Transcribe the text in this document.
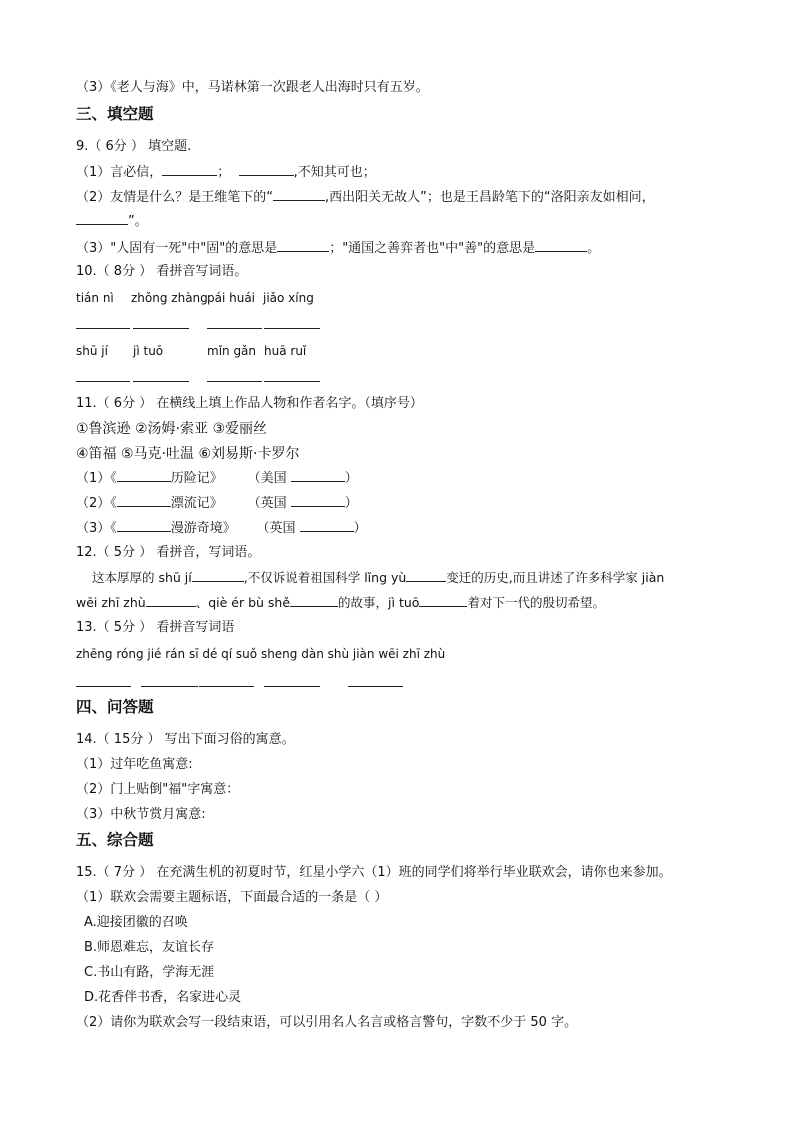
（3）《老人与海》中，马诺林第一次跟老人出海时只有五岁。
三、填空题
9.（ 6分 ） 填空题.
（1）言必信，	；	,不知其可也；
（2）友情是什么？是王维笔下的“	,西出阳关无故人”；也是王昌龄笔下的“洛阳亲友如相问，
”。
（3）"人固有一死"中"固"的意思是	；"通国之善弈者也"中"善"的意思是	。
10.（ 8分 ） 看拼音写词语。
tián nì zhǒng zhàng pái huái jiǎo xíng
shū jí jì tuō	mǐn gǎn huā ruǐ
11.（ 6分 ） 在横线上填上作品人物和作者名字。（填序号）
①鲁滨逊 ②汤姆·索亚 ③爱丽丝
④笛福 ⑤马克·吐温 ⑥刘易斯·卡罗尔
（1）《	历险记》 （美国	）
（2）《	漂流记》 （英国	）
（3）《	漫游奇境》 （英国	）
12.（ 5分 ） 看拼音，写词语。
这本厚厚的 shū jí	,不仅诉说着祖国科学 lǐng yù	变迁的历史,而且讲述了许多科学家 jiàn
wēi zhī zhù	、qiè ér bù shě	的故事，jì tuō	着对下一代的殷切希望。
13.（ 5分 ） 看拼音写词语
zhēng róng jié rán sī dé qí suǒ sheng dàn shù jiàn wēi zhī zhù
四、问答题
14.（ 15分 ） 写出下面习俗的寓意。
（1）过年吃鱼寓意:
（2）门上贴倒"福"字寓意：
（3）中秋节赏月寓意:
五、综合题
15.（ 7分 ） 在充满生机的初夏时节，红星小学六（1）班的同学们将举行毕业联欢会，请你也来参加。
（1）联欢会需要主题标语，下面最合适的一条是（ ）
A.迎接团徽的召唤
B.师恩难忘，友谊长存
C.书山有路，学海无涯
D.花香伴书香，名家进心灵
（2）请你为联欢会写一段结束语，可以引用名人名言或格言警句，字数不少于 50 字。
